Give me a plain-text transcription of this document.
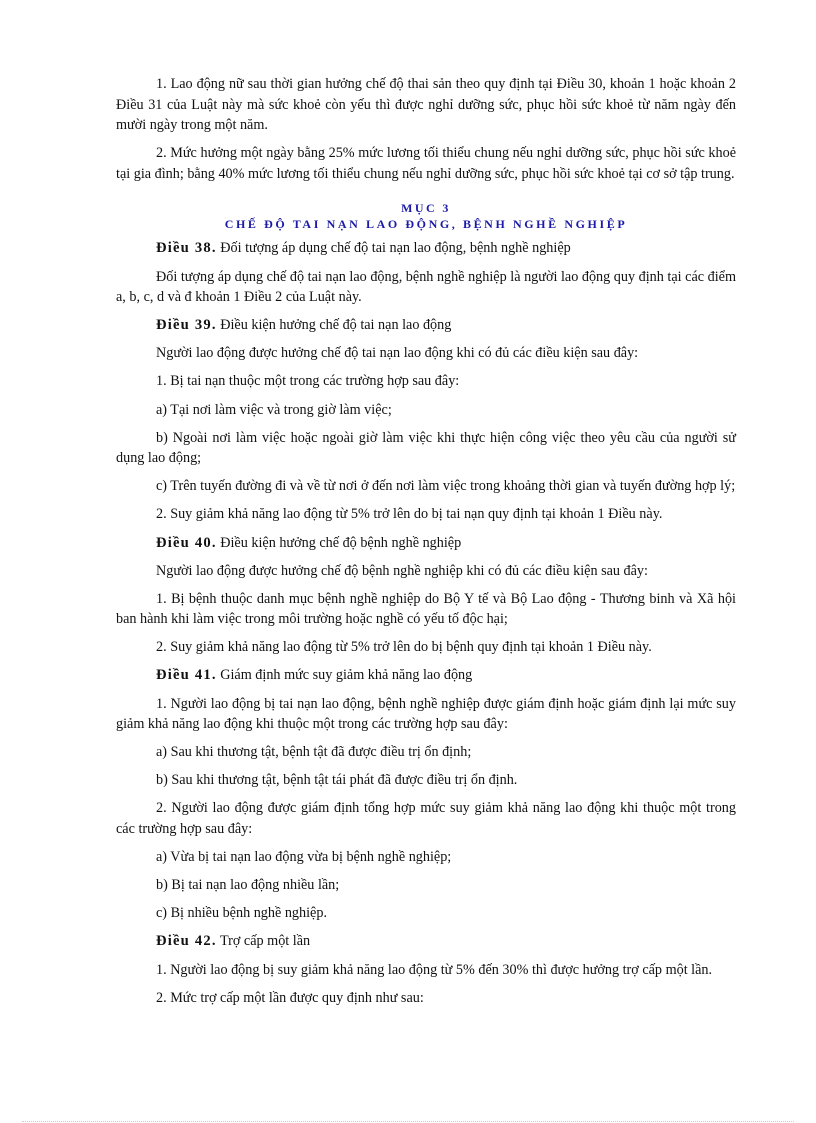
1. Lao động nữ sau thời gian hưởng chế độ thai sản theo quy định tại Điều 30, khoản 1 hoặc khoản 2 Điều 31 của Luật này mà sức khoẻ còn yếu thì được nghỉ dưỡng sức, phục hồi sức khoẻ từ năm ngày đến mười ngày trong một năm.

2. Mức hưởng một ngày bằng 25% mức lương tối thiểu chung nếu nghỉ dưỡng sức, phục hồi sức khoẻ tại gia đình; bằng 40% mức lương tối thiểu chung nếu nghỉ dưỡng sức, phục hồi sức khoẻ tại cơ sở tập trung.

MỤC 3
CHẾ ĐỘ TAI NẠN LAO ĐỘNG, BỆNH NGHỀ NGHIỆP

Điều 38. Đối tượng áp dụng chế độ tai nạn lao động, bệnh nghề nghiệp

Đối tượng áp dụng chế độ tai nạn lao động, bệnh nghề nghiệp là người lao động quy định tại các điểm a, b, c, d và đ khoản 1 Điều 2 của Luật này.

Điều 39. Điều kiện hưởng chế độ tai nạn lao động

Người lao động được hưởng chế độ tai nạn lao động khi có đủ các điều kiện sau đây:

1. Bị tai nạn thuộc một trong các trường hợp sau đây:

a) Tại nơi làm việc và trong giờ làm việc;

b) Ngoài nơi làm việc hoặc ngoài giờ làm việc khi thực hiện công việc theo yêu cầu của người sử dụng lao động;

c) Trên tuyến đường đi và về từ nơi ở đến nơi làm việc trong khoảng thời gian và tuyến đường hợp lý;

2. Suy giảm khả năng lao động từ 5% trở lên do bị tai nạn quy định tại khoản 1 Điều này.

Điều 40. Điều kiện hưởng chế độ bệnh nghề nghiệp

Người lao động được hưởng chế độ bệnh nghề nghiệp khi có đủ các điều kiện sau đây:

1. Bị bệnh thuộc danh mục bệnh nghề nghiệp do Bộ Y tế và Bộ Lao động - Thương binh và Xã hội ban hành khi làm việc trong môi trường hoặc nghề có yếu tố độc hại;

2. Suy giảm khả năng lao động từ 5% trở lên do bị bệnh quy định tại khoản 1 Điều này.

Điều 41. Giám định mức suy giảm khả năng lao động

1. Người lao động bị tai nạn lao động, bệnh nghề nghiệp được giám định hoặc giám định lại mức suy giảm khả năng lao động khi thuộc một trong các trường hợp sau đây:

a) Sau khi thương tật, bệnh tật đã được điều trị ổn định;

b) Sau khi thương tật, bệnh tật tái phát đã được điều trị ổn định.

2. Người lao động được giám định tổng hợp mức suy giảm khả năng lao động khi thuộc một trong các trường hợp sau đây:

a) Vừa bị tai nạn lao động vừa bị bệnh nghề nghiệp;

b) Bị tai nạn lao động nhiều lần;

c) Bị nhiều bệnh nghề nghiệp.

Điều 42. Trợ cấp một lần

1. Người lao động bị suy giảm khả năng lao động từ 5% đến 30% thì được hưởng trợ cấp một lần.

2. Mức trợ cấp một lần được quy định như sau:
